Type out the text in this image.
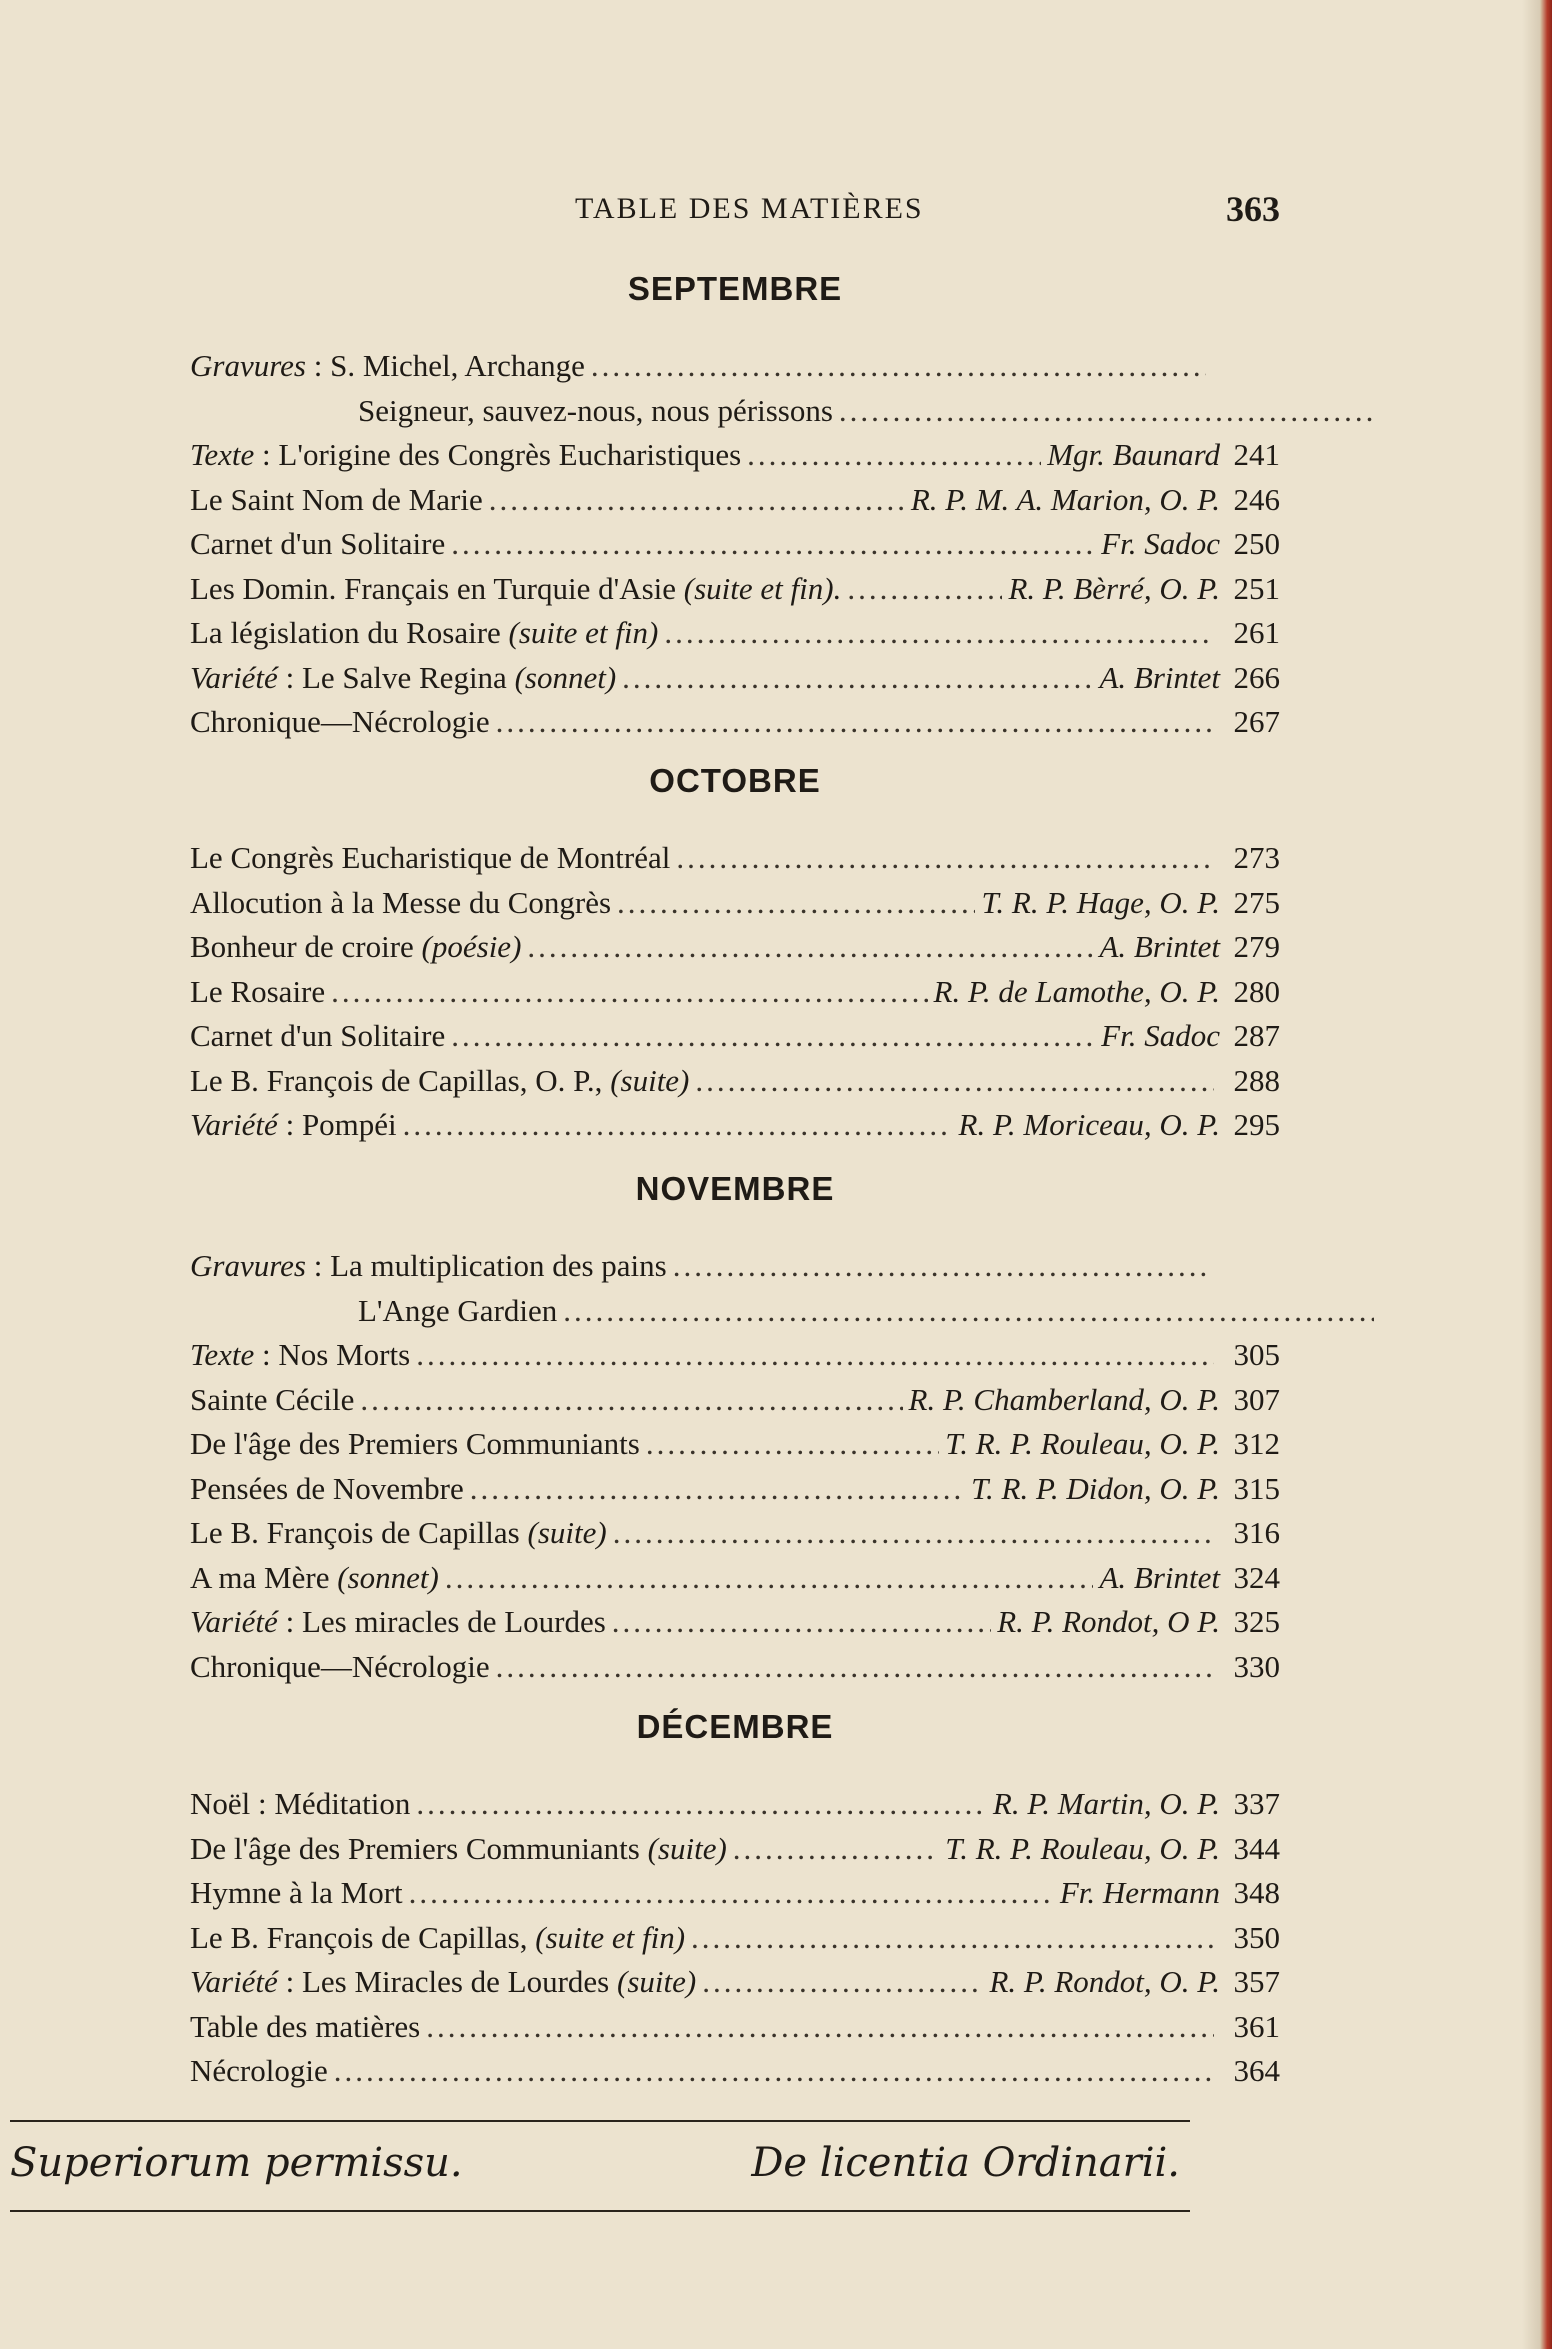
TABLE DES MATIÈRES	363
SEPTEMBRE
Gravures : S. Michel, Archange
.....
Seigneur, sauvez-nous, nous périssons
.....
Texte : L'origine des Congrès Eucharistiques .....	Mgr. Baunard 241
Le Saint Nom de Marie .....	R. P. M. A. Marion, O. P. 246
Carnet d'un Solitaire .....	Fr. Sadoc 250
Les Domin. Français en Turquie d'Asie (suite et fin). .....	R. P. Bèrré, O. P. 251
La législation du Rosaire (suite et fin) .....	261
Variété : Le Salve Regina (sonnet) .....	A. Brintet 266
Chronique—Nécrologie .....	267
OCTOBRE
Le Congrès Eucharistique de Montréal .....	273
Allocution à la Messe du Congrès .....	T. R. P. Hage, O. P. 275
Bonheur de croire (poésie) .....	A. Brintet 279
Le Rosaire .....	R. P. de Lamothe, O. P. 280
Carnet d'un Solitaire .....	Fr. Sadoc 287
Le B. François de Capillas, O. P., (suite) .....	288
Variété : Pompéi .....	R. P. Moriceau, O. P. 295
NOVEMBRE
Gravures : La multiplication des pains
.....
L'Ange Gardien
.....
Texte : Nos Morts .....	305
Sainte Cécile .....	R. P. Chamberland, O. P. 307
De l'âge des Premiers Communiants .....	T. R. P. Rouleau, O. P. 312
Pensées de Novembre .....	T. R. P. Didon, O. P. 315
Le B. François de Capillas (suite) .....	316
A ma Mère (sonnet) .....	A. Brintet 324
Variété : Les miracles de Lourdes .....	R. P. Rondot, O P. 325
Chronique—Nécrologie .....	330
DÉCEMBRE
Noël : Méditation .....	R. P. Martin, O. P. 337
De l'âge des Premiers Communiants (suite) .....	T. R. P. Rouleau, O. P. 344
Hymne à la Mort .....	Fr. Hermann 348
Le B. François de Capillas, (suite et fin) .....	350
Variété : Les Miracles de Lourdes (suite) .....	R. P. Rondot, O. P. 357
Table des matières .....	361
Nécrologie .....	364
Superiorum permissu.	De licentia Ordinarii.
